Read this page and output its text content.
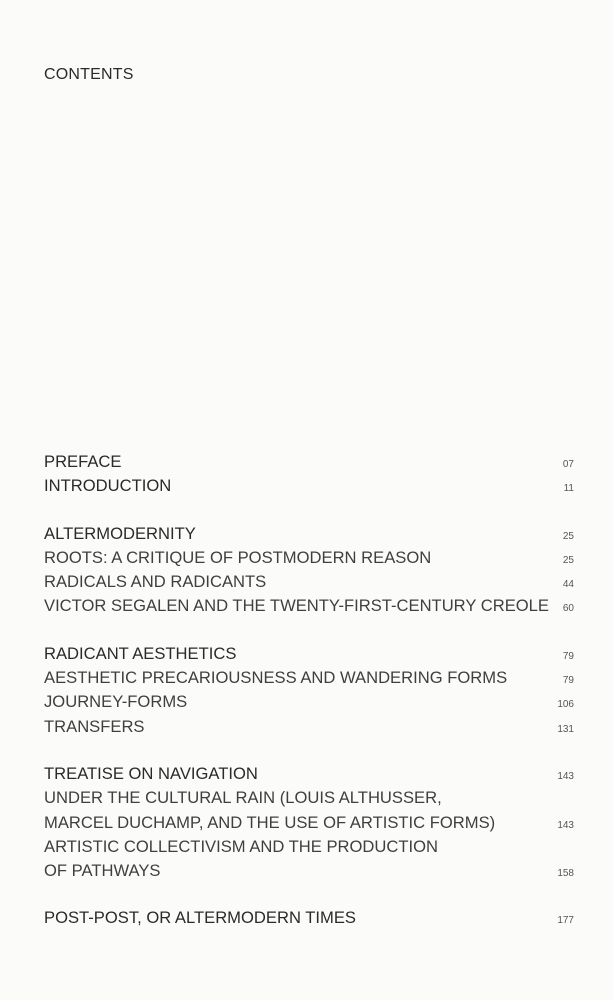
CONTENTS
PREFACE	07
INTRODUCTION	11
ALTERMODERNITY	25
ROOTS: A CRITIQUE OF POSTMODERN REASON	25
RADICALS AND RADICANTS	44
VICTOR SEGALEN AND THE TWENTY-FIRST-CENTURY CREOLE	60
RADICANT AESTHETICS	79
AESTHETIC PRECARIOUSNESS AND WANDERING FORMS	79
JOURNEY-FORMS	106
TRANSFERS	131
TREATISE ON NAVIGATION	143
UNDER THE CULTURAL RAIN (LOUIS ALTHUSSER,
MARCEL DUCHAMP, AND THE USE OF ARTISTIC FORMS)	143
ARTISTIC COLLECTIVISM AND THE PRODUCTION
OF PATHWAYS	158
POST-POST, OR ALTERMODERN TIMES	177
